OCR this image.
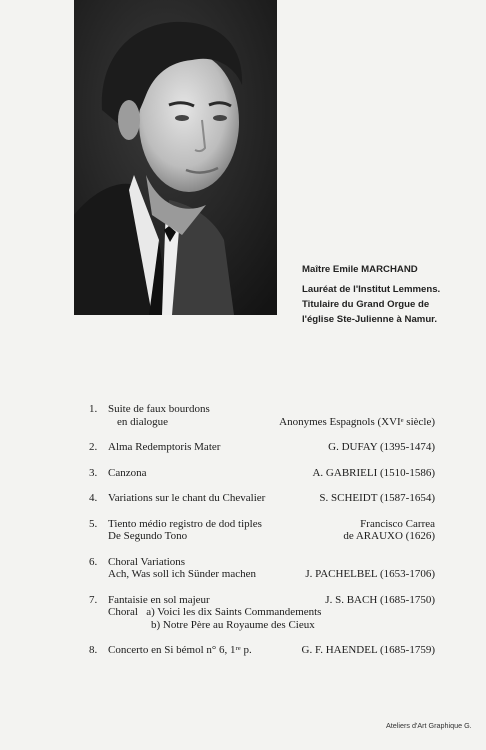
Maître Emile MARCHAND
Lauréat de l'Institut Lemmens.
Titulaire du Grand Orgue de
l'église Ste-Julienne à Namur.
1. Suite de faux bourdons
en dialogue	Anonymes Espagnols (XVIᵉ siècle)
2. Alma Redemptoris Mater	G. DUFAY (1395-1474)
3. Canzona	A. GABRIELI (1510-1586)
4. Variations sur le chant du Chevalier	S. SCHEIDT (1587-1654)
5. Tiento médio registro de dod tiples	Francisco Carrea
De Segundo Tono	de ARAUXO (1626)
6. Choral Variations
Ach, Was soll ich Sünder machen	J. PACHELBEL (1653-1706)
7. Fantaisie en sol majeur	J. S. BACH (1685-1750)
Choral   a) Voici les dix Saints Commandements
b) Notre Père au Royaume des Cieux
8. Concerto en Si bémol n° 6, 1ʳᵉ p.	G. F. HAENDEL (1685-1759)
Ateliers d'Art Graphique G.
